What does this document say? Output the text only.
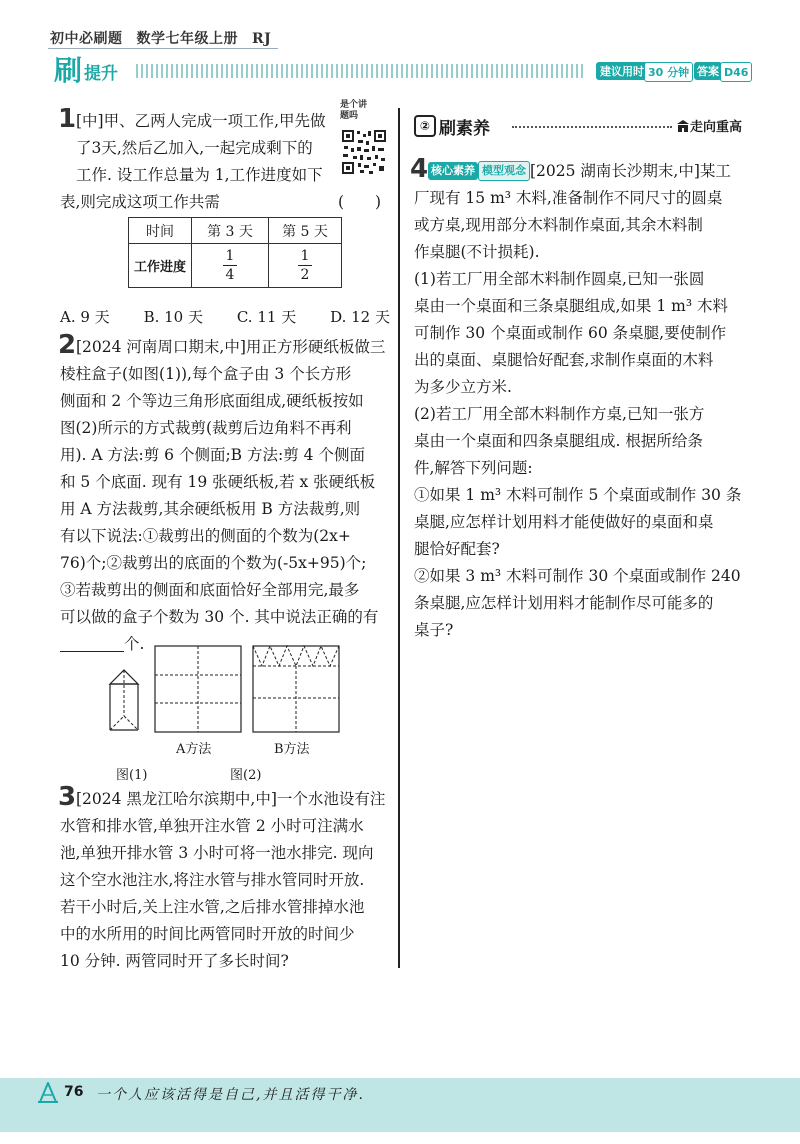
初中必刷题 数学七年级上册 RJ
刷 提升	建议用时 30 分钟 答案 D46
1 [中]甲、乙两人完成一项工作,甲先做
了3天,然后乙加入,一起完成剩下的
工作. 设工作总量为 1,工作进度如下
表,则完成这项工作共需	(　　)
是个讲题吗
时间	第 3 天	第 5 天
工作进度	$\frac{1}{4}$	$\frac{1}{2}$
A. 9 天 B. 10 天 C. 11 天 D. 12 天
2 [2024 河南周口期末,中]用正方形硬纸板做三
棱柱盒子(如图(1)),每个盒子由 3 个长方形
侧面和 2 个等边三角形底面组成,硬纸板按如
图(2)所示的方式裁剪(裁剪后边角料不再利
用). A 方法:剪 6 个侧面;B 方法:剪 4 个侧面
和 5 个底面. 现有 19 张硬纸板,若 x 张硬纸板
用 A 方法裁剪,其余硬纸板用 B 方法裁剪,则
有以下说法:①裁剪出的侧面的个数为(2x+
76)个;②裁剪出的底面的个数为(-5x+95)个;
③若裁剪出的侧面和底面恰好全部用完,最多
可以做的盒子个数为 30 个. 其中说法正确的有
个.
A方法	B方法
图(1)	图(2)
3 [2024 黑龙江哈尔滨期中,中]一个水池设有注
水管和排水管,单独开注水管 2 小时可注满水
池,单独开排水管 3 小时可将一池水排完. 现向
这个空水池注水,将注水管与排水管同时开放.
若干小时后,关上注水管,之后排水管排掉水池
中的水所用的时间比两管同时开放的时间少
10 分钟. 两管同时开了多长时间?
② 刷素养	走向重高
4 核心素养 模型观念 [2025 湖南长沙期末,中]某工
厂现有 15 m³ 木料,准备制作不同尺寸的圆桌
或方桌,现用部分木料制作桌面,其余木料制
作桌腿(不计损耗).
(1)若工厂用全部木料制作圆桌,已知一张圆
桌由一个桌面和三条桌腿组成,如果 1 m³ 木料
可制作 30 个桌面或制作 60 条桌腿,要使制作
出的桌面、桌腿恰好配套,求制作桌面的木料
为多少立方米.
(2)若工厂用全部木料制作方桌,已知一张方
桌由一个桌面和四条桌腿组成. 根据所给条
件,解答下列问题:
①如果 1 m³ 木料可制作 5 个桌面或制作 30 条
桌腿,应怎样计划用料才能使做好的桌面和桌
腿恰好配套?
②如果 3 m³ 木料可制作 30 个桌面或制作 240
条桌腿,应怎样计划用料才能制作尽可能多的
桌子?
76 一个人应该活得是自己,并且活得干净.
